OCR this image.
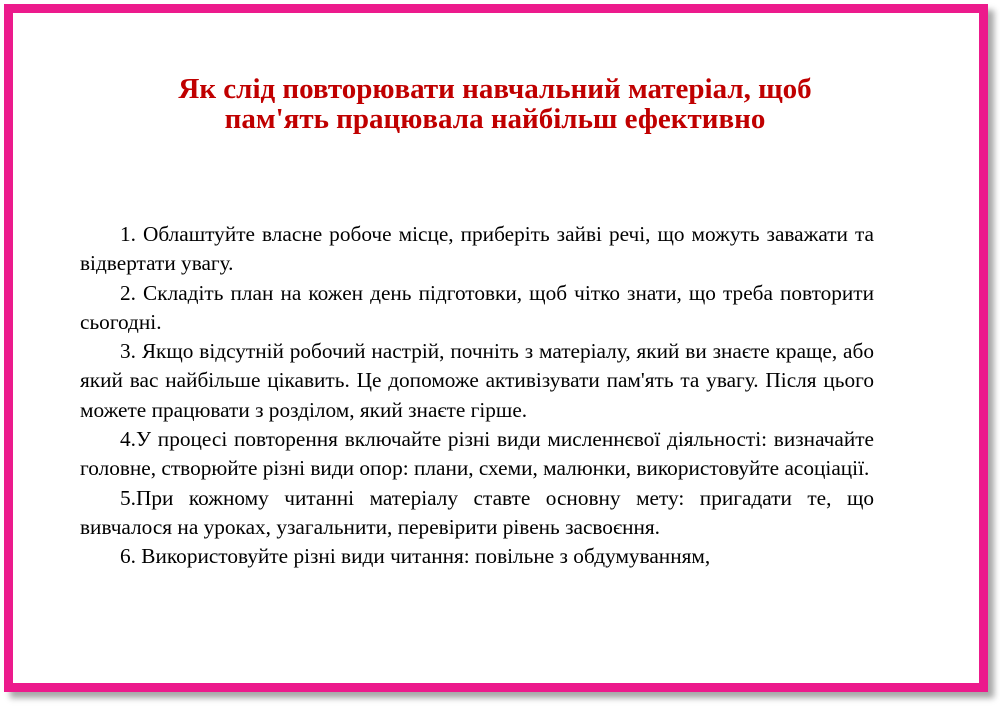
Як слід повторювати навчальний матеріал, щоб
пам'ять працювала найбільш ефективно
1. Облаштуйте власне робоче місце, приберіть зайві речі, що можуть заважати та відвертати увагу.
2. Складіть план на кожен день підготовки, щоб чітко знати, що треба повторити сьогодні.
3. Якщо відсутній робочий настрій, почніть з матеріалу, який ви знаєте краще, або який вас найбільше цікавить. Це допоможе активізувати пам'ять та увагу. Після цього можете працювати з розділом, який знаєте гірше.
4.У процесі повторення включайте різні види мисленнєвої діяльності: визначайте головне, створюйте різні види опор: плани, схеми, малюнки, використовуйте асоціації.
5.При кожному читанні матеріалу ставте основну мету: пригадати те, що вивчалося на уроках, узагальнити, перевірити рівень засвоєння.
6. Використовуйте різні види читання: повільне з обдумуванням,
